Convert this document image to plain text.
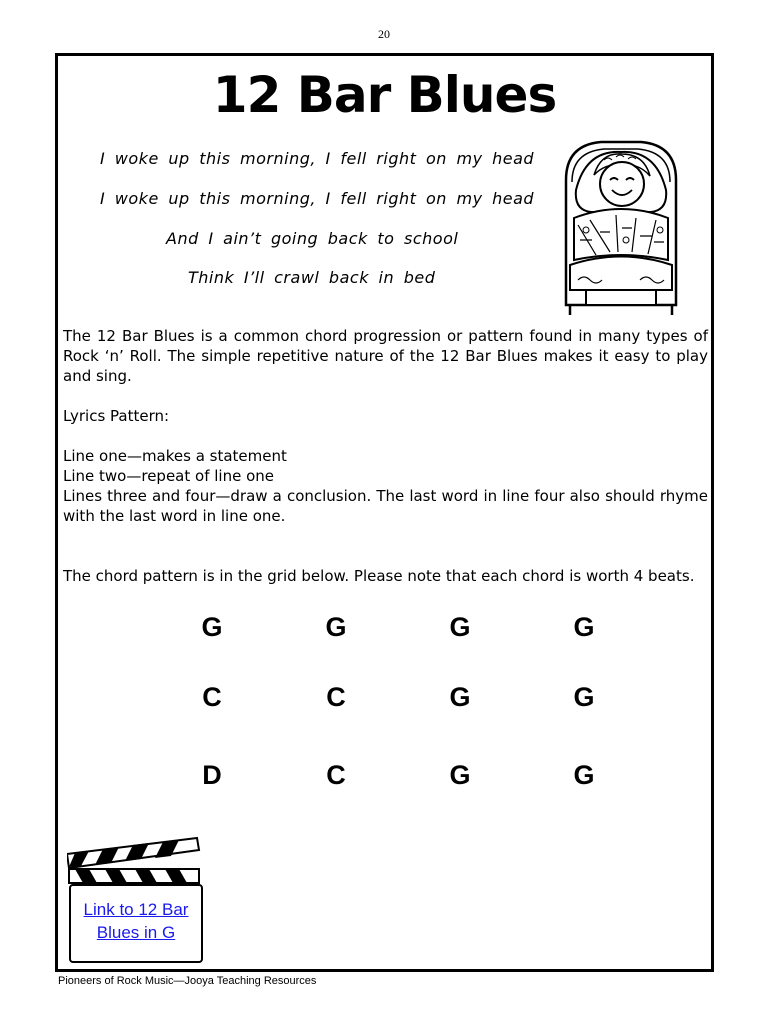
20
12 Bar Blues
I woke up this morning, I fell right on my head
I woke up this morning, I fell right on my head
And I ain’t going back to school
Think I’ll crawl back in bed
The 12 Bar Blues is a common chord progression or pattern found in many types of Rock ‘n’ Roll. The simple repetitive nature of the 12 Bar Blues makes it easy to play and sing.
Lyrics Pattern:
Line one—makes a statement
Line two—repeat of line one
Lines three and four—draw a conclusion. The last word in line four also should rhyme with the last word in line one.
The chord pattern is in the grid below. Please note that each chord is worth 4 beats.
G	G	G	G
C	C	G	G
D	C	G	G
Link to 12 Bar
Blues in G
Pioneers of Rock Music—Jooya Teaching Resources
